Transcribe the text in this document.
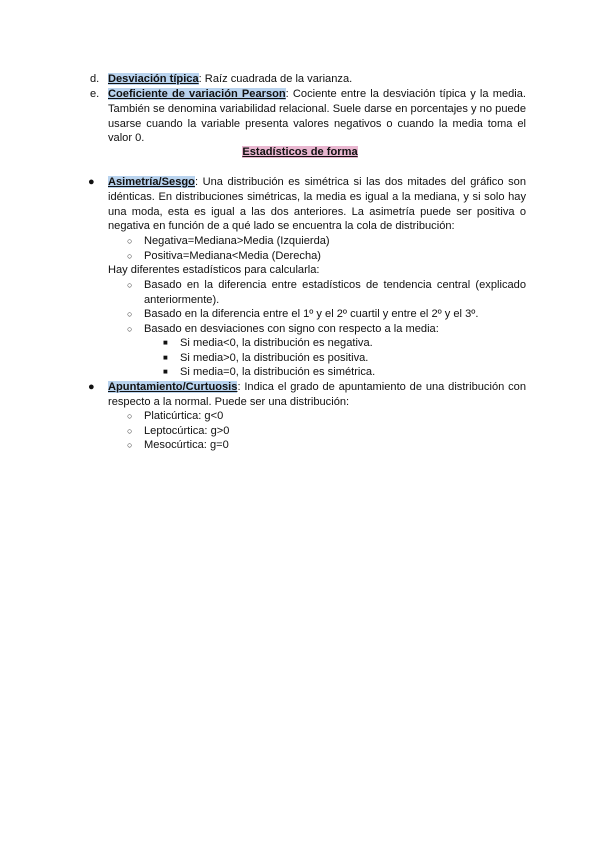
d. Desviación típica: Raíz cuadrada de la varianza.
e. Coeficiente de variación Pearson: Cociente entre la desviación típica y la media. También se denomina variabilidad relacional. Suele darse en porcentajes y no puede usarse cuando la variable presenta valores negativos o cuando la media toma el valor 0.
Estadísticos de forma
● Asimetría/Sesgo: Una distribución es simétrica si las dos mitades del gráfico son idénticas. En distribuciones simétricas, la media es igual a la mediana, y si solo hay una moda, esta es igual a las dos anteriores. La asimetría puede ser positiva o negativa en función de a qué lado se encuentra la cola de distribución:
○ Negativa=Mediana>Media (Izquierda)
○ Positiva=Mediana<Media (Derecha)
Hay diferentes estadísticos para calcularla:
○ Basado en la diferencia entre estadísticos de tendencia central (explicado anteriormente).
○ Basado en la diferencia entre el 1º y el 2º cuartil y entre el 2º y el 3º.
○ Basado en desviaciones con signo con respecto a la media:
■ Si media<0, la distribución es negativa.
■ Si media>0, la distribución es positiva.
■ Si media=0, la distribución es simétrica.
● Apuntamiento/Curtuosis: Indica el grado de apuntamiento de una distribución con respecto a la normal. Puede ser una distribución:
○ Platicúrtica: g<0
○ Leptocúrtica: g>0
○ Mesocúrtica: g=0
